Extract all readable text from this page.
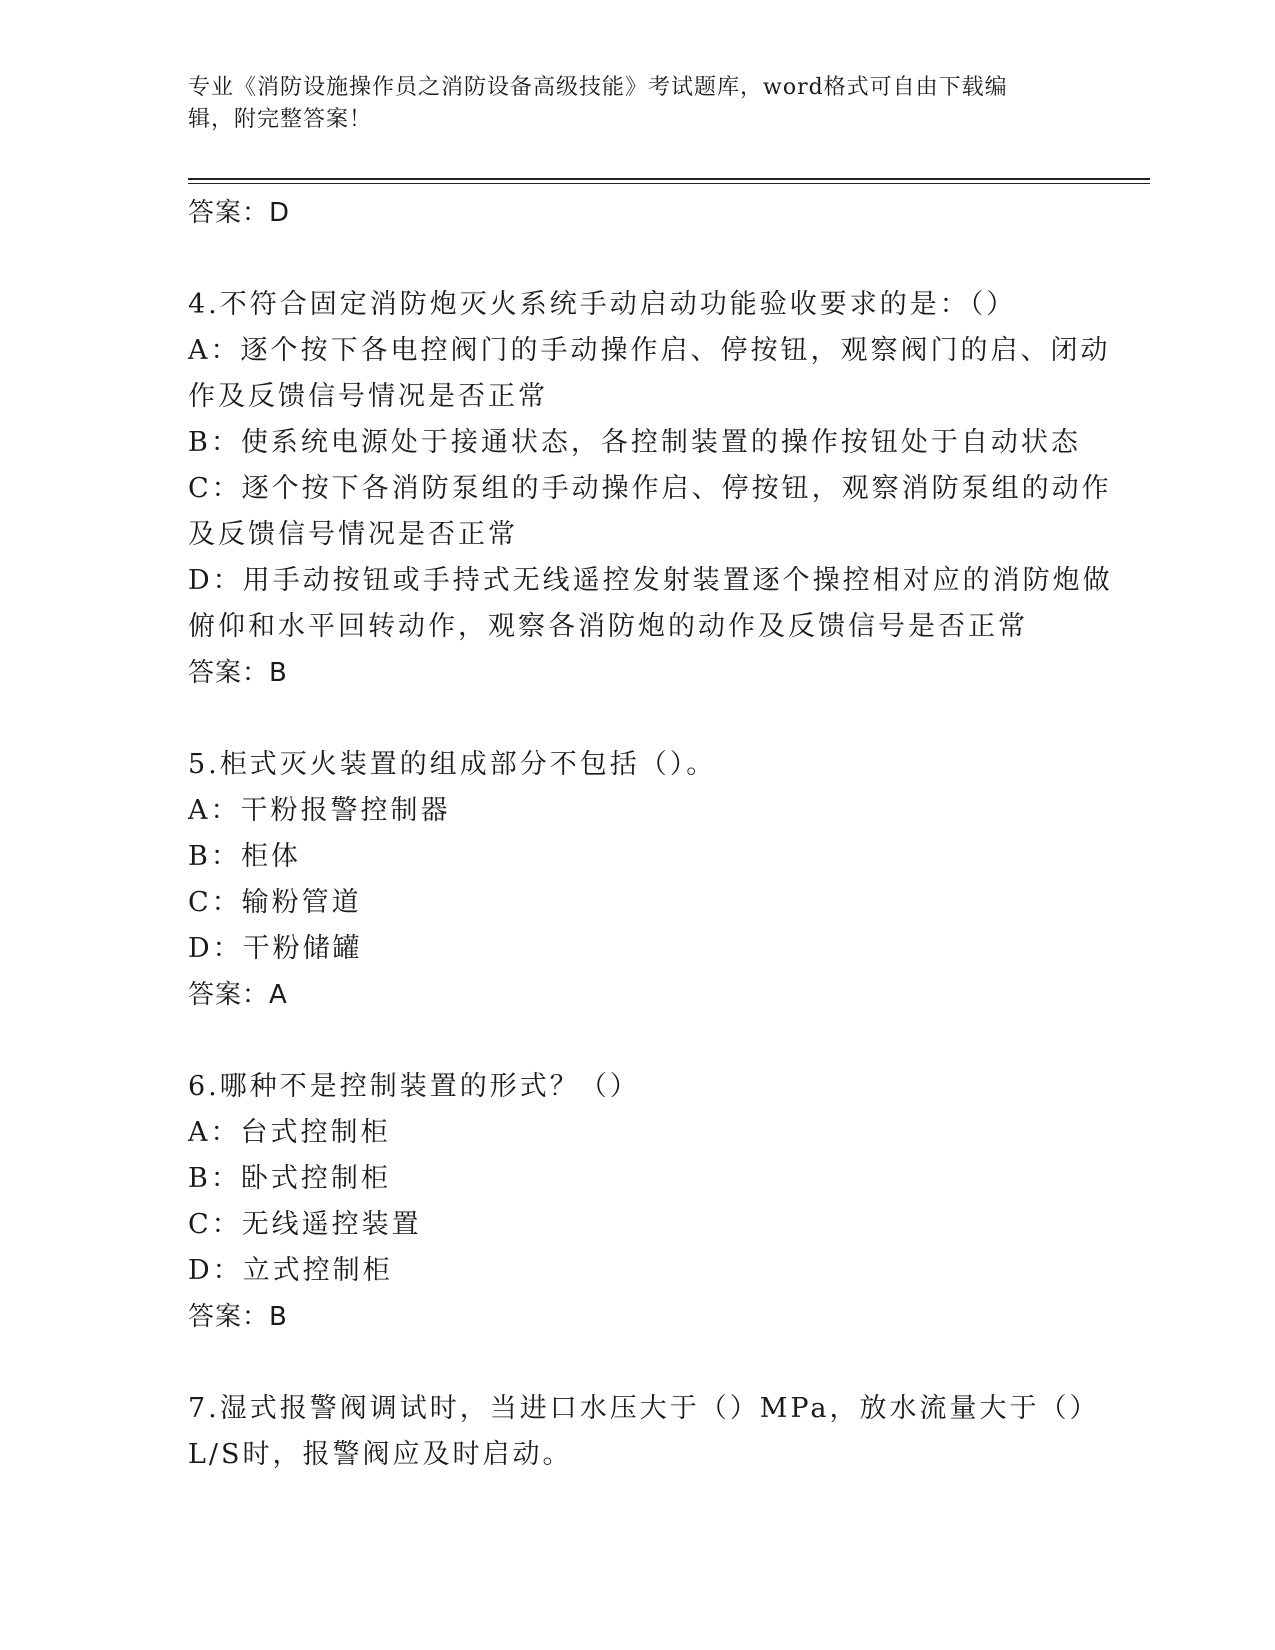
专业《消防设施操作员之消防设备高级技能》考试题库，word格式可自由下载编
辑，附完整答案！
答案：D
4.不符合固定消防炮灭火系统手动启动功能验收要求的是：（）
A：逐个按下各电控阀门的手动操作启、停按钮，观察阀门的启、闭动
作及反馈信号情况是否正常
B：使系统电源处于接通状态，各控制装置的操作按钮处于自动状态
C：逐个按下各消防泵组的手动操作启、停按钮，观察消防泵组的动作
及反馈信号情况是否正常
D：用手动按钮或手持式无线遥控发射装置逐个操控相对应的消防炮做
俯仰和水平回转动作，观察各消防炮的动作及反馈信号是否正常
答案：B
5.柜式灭火装置的组成部分不包括（）。
A：干粉报警控制器
B：柜体
C：输粉管道
D：干粉储罐
答案：A
6.哪种不是控制装置的形式？（）
A：台式控制柜
B：卧式控制柜
C：无线遥控装置
D：立式控制柜
答案：B
7.湿式报警阀调试时，当进口水压大于（）MPa，放水流量大于（）
L/S时，报警阀应及时启动。
